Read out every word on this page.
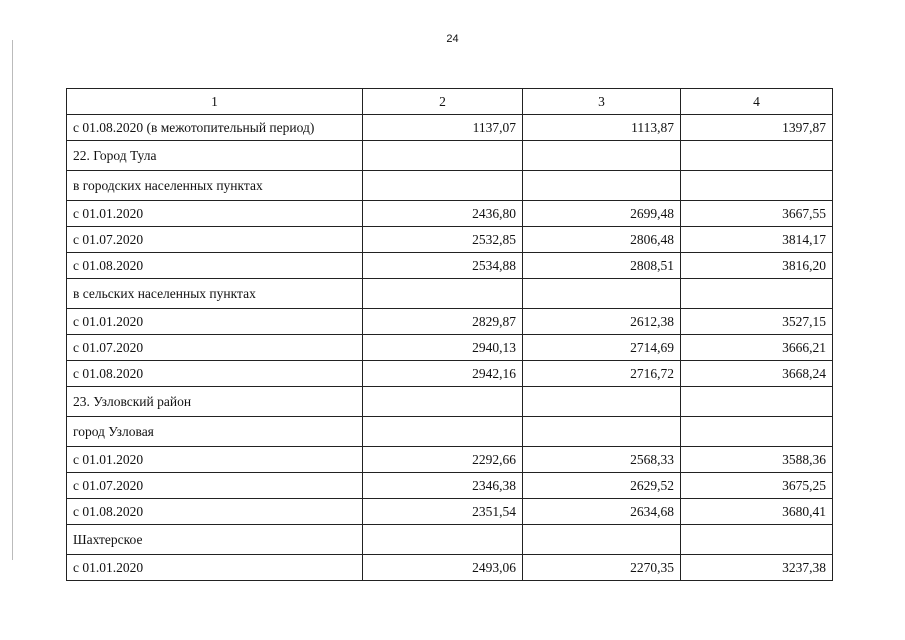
24
1	2	3	4
с 01.08.2020 (в межотопительный период)	1137,07	1113,87	1397,87
22. Город Тула			
в городских населенных пунктах			
с 01.01.2020	2436,80	2699,48	3667,55
с 01.07.2020	2532,85	2806,48	3814,17
с 01.08.2020	2534,88	2808,51	3816,20
в сельских населенных пунктах			
с 01.01.2020	2829,87	2612,38	3527,15
с 01.07.2020	2940,13	2714,69	3666,21
с 01.08.2020	2942,16	2716,72	3668,24
23. Узловский район			
город Узловая			
с 01.01.2020	2292,66	2568,33	3588,36
с 01.07.2020	2346,38	2629,52	3675,25
с 01.08.2020	2351,54	2634,68	3680,41
Шахтерское			
с 01.01.2020	2493,06	2270,35	3237,38
